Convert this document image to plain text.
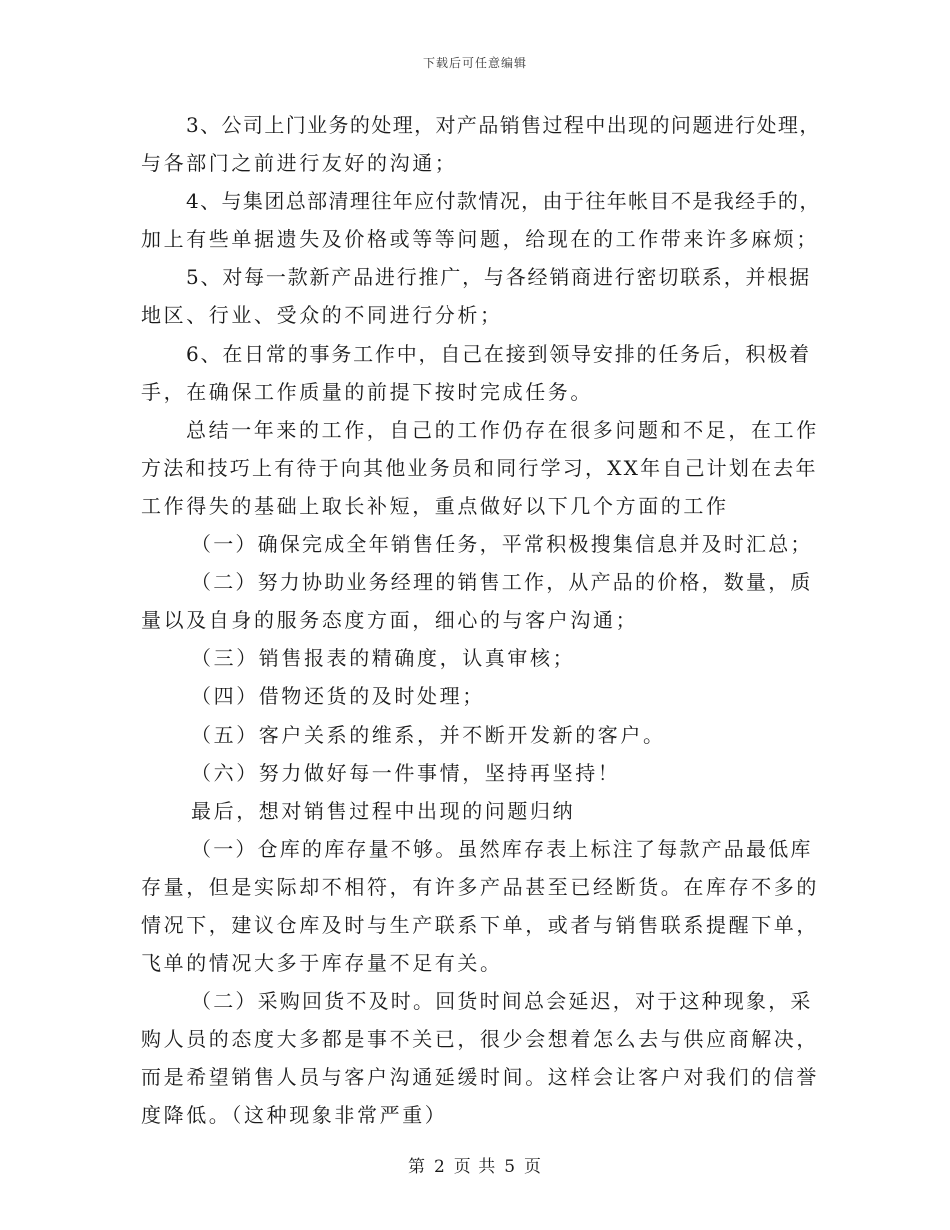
下载后可任意编辑
3、公司上门业务的处理，对产品销售过程中出现的问题进行处理，
与各部门之前进行友好的沟通；
4、与集团总部清理往年应付款情况，由于往年帐目不是我经手的，
加上有些单据遗失及价格或等等问题，给现在的工作带来许多麻烦；
5、对每一款新产品进行推广，与各经销商进行密切联系，并根据
地区、行业、受众的不同进行分析；
6、在日常的事务工作中，自己在接到领导安排的任务后，积极着
手，在确保工作质量的前提下按时完成任务。
总结一年来的工作，自己的工作仍存在很多问题和不足，在工作
方法和技巧上有待于向其他业务员和同行学习，XX年自己计划在去年
工作得失的基础上取长补短，重点做好以下几个方面的工作
（一）确保完成全年销售任务，平常积极搜集信息并及时汇总；
（二）努力协助业务经理的销售工作，从产品的价格，数量，质
量以及自身的服务态度方面，细心的与客户沟通；
（三）销售报表的精确度，认真审核；
（四）借物还货的及时处理；
（五）客户关系的维系，并不断开发新的客户。
（六）努力做好每一件事情，坚持再坚持！
最后，想对销售过程中出现的问题归纳
（一）仓库的库存量不够。虽然库存表上标注了每款产品最低库
存量，但是实际却不相符，有许多产品甚至已经断货。在库存不多的
情况下，建议仓库及时与生产联系下单，或者与销售联系提醒下单，
飞单的情况大多于库存量不足有关。
（二）采购回货不及时。回货时间总会延迟，对于这种现象，采
购人员的态度大多都是事不关已，很少会想着怎么去与供应商解决，
而是希望销售人员与客户沟通延缓时间。这样会让客户对我们的信誉
度降低。（这种现象非常严重）
第 2 页 共 5 页
